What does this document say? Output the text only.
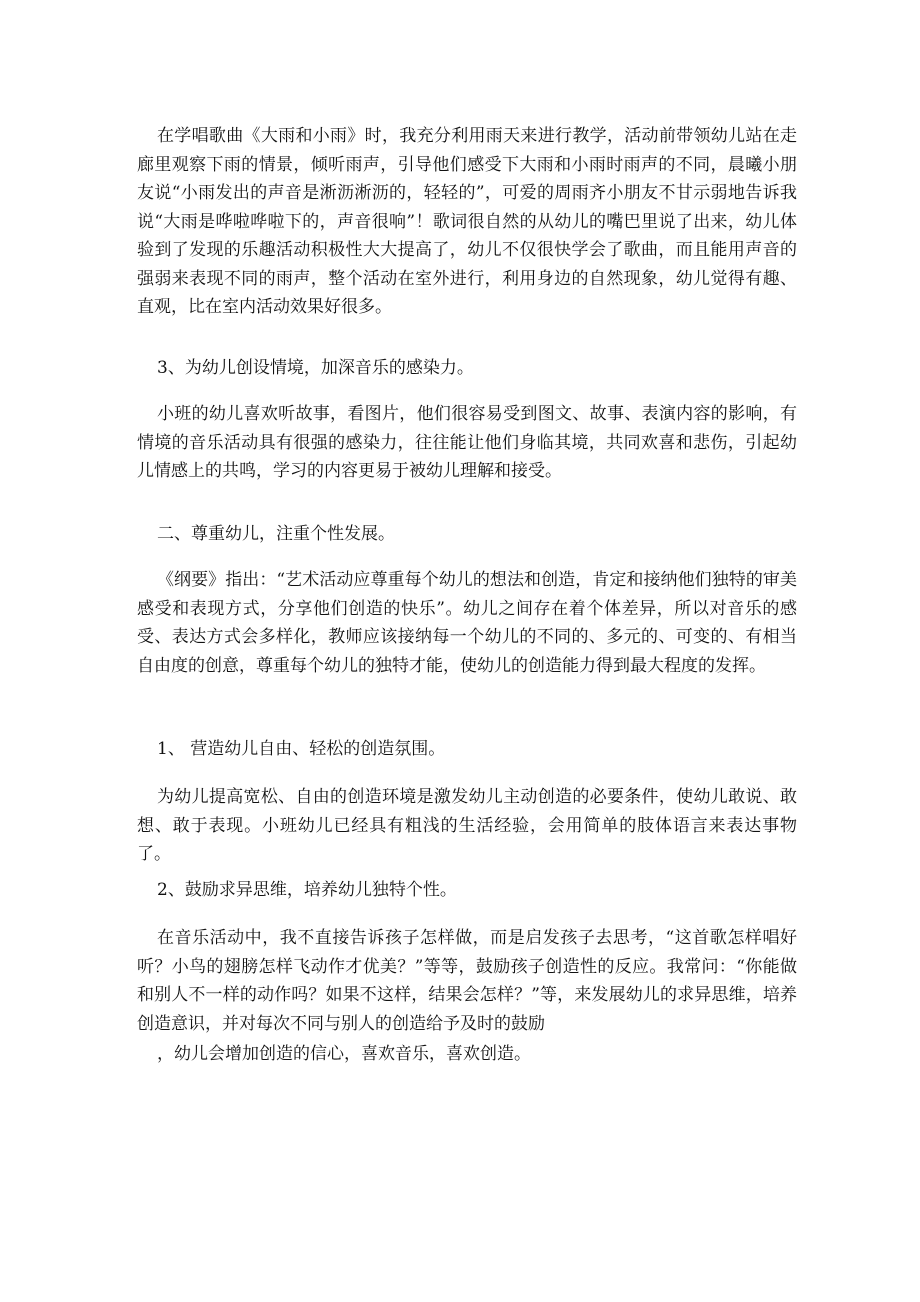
在学唱歌曲《大雨和小雨》时，我充分利用雨天来进行教学，活动前带领幼儿站在走廊里观察下雨的情景，倾听雨声，引导他们感受下大雨和小雨时雨声的不同，晨曦小朋友说“小雨发出的声音是淅沥淅沥的，轻轻的”，可爱的周雨齐小朋友不甘示弱地告诉我说“大雨是哗啦哗啦下的，声音很响”！歌词很自然的从幼儿的嘴巴里说了出来，幼儿体验到了发现的乐趣活动积极性大大提高了，幼儿不仅很快学会了歌曲，而且能用声音的强弱来表现不同的雨声，整个活动在室外进行，利用身边的自然现象，幼儿觉得有趣、直观，比在室内活动效果好很多。

3、为幼儿创设情境，加深音乐的感染力。

小班的幼儿喜欢听故事，看图片，他们很容易受到图文、故事、表演内容的影响，有情境的音乐活动具有很强的感染力，往往能让他们身临其境，共同欢喜和悲伤，引起幼儿情感上的共鸣，学习的内容更易于被幼儿理解和接受。

二、尊重幼儿，注重个性发展。

《纲要》指出：“艺术活动应尊重每个幼儿的想法和创造，肯定和接纳他们独特的审美感受和表现方式，分享他们创造的快乐”。幼儿之间存在着个体差异，所以对音乐的感受、表达方式会多样化，教师应该接纳每一个幼儿的不同的、多元的、可变的、有相当自由度的创意，尊重每个幼儿的独特才能，使幼儿的创造能力得到最大程度的发挥。

1、 营造幼儿自由、轻松的创造氛围。

为幼儿提高宽松、自由的创造环境是激发幼儿主动创造的必要条件，使幼儿敢说、敢想、敢于表现。小班幼儿已经具有粗浅的生活经验，会用简单的肢体语言来表达事物了。

2、鼓励求异思维，培养幼儿独特个性。

在音乐活动中，我不直接告诉孩子怎样做，而是启发孩子去思考，“这首歌怎样唱好听？小鸟的翅膀怎样飞动作才优美？”等等，鼓励孩子创造性的反应。我常问：“你能做和别人不一样的动作吗？如果不这样，结果会怎样？”等，来发展幼儿的求异思维，培养创造意识，并对每次不同与别人的创造给予及时的鼓励

，幼儿会增加创造的信心，喜欢音乐，喜欢创造。
